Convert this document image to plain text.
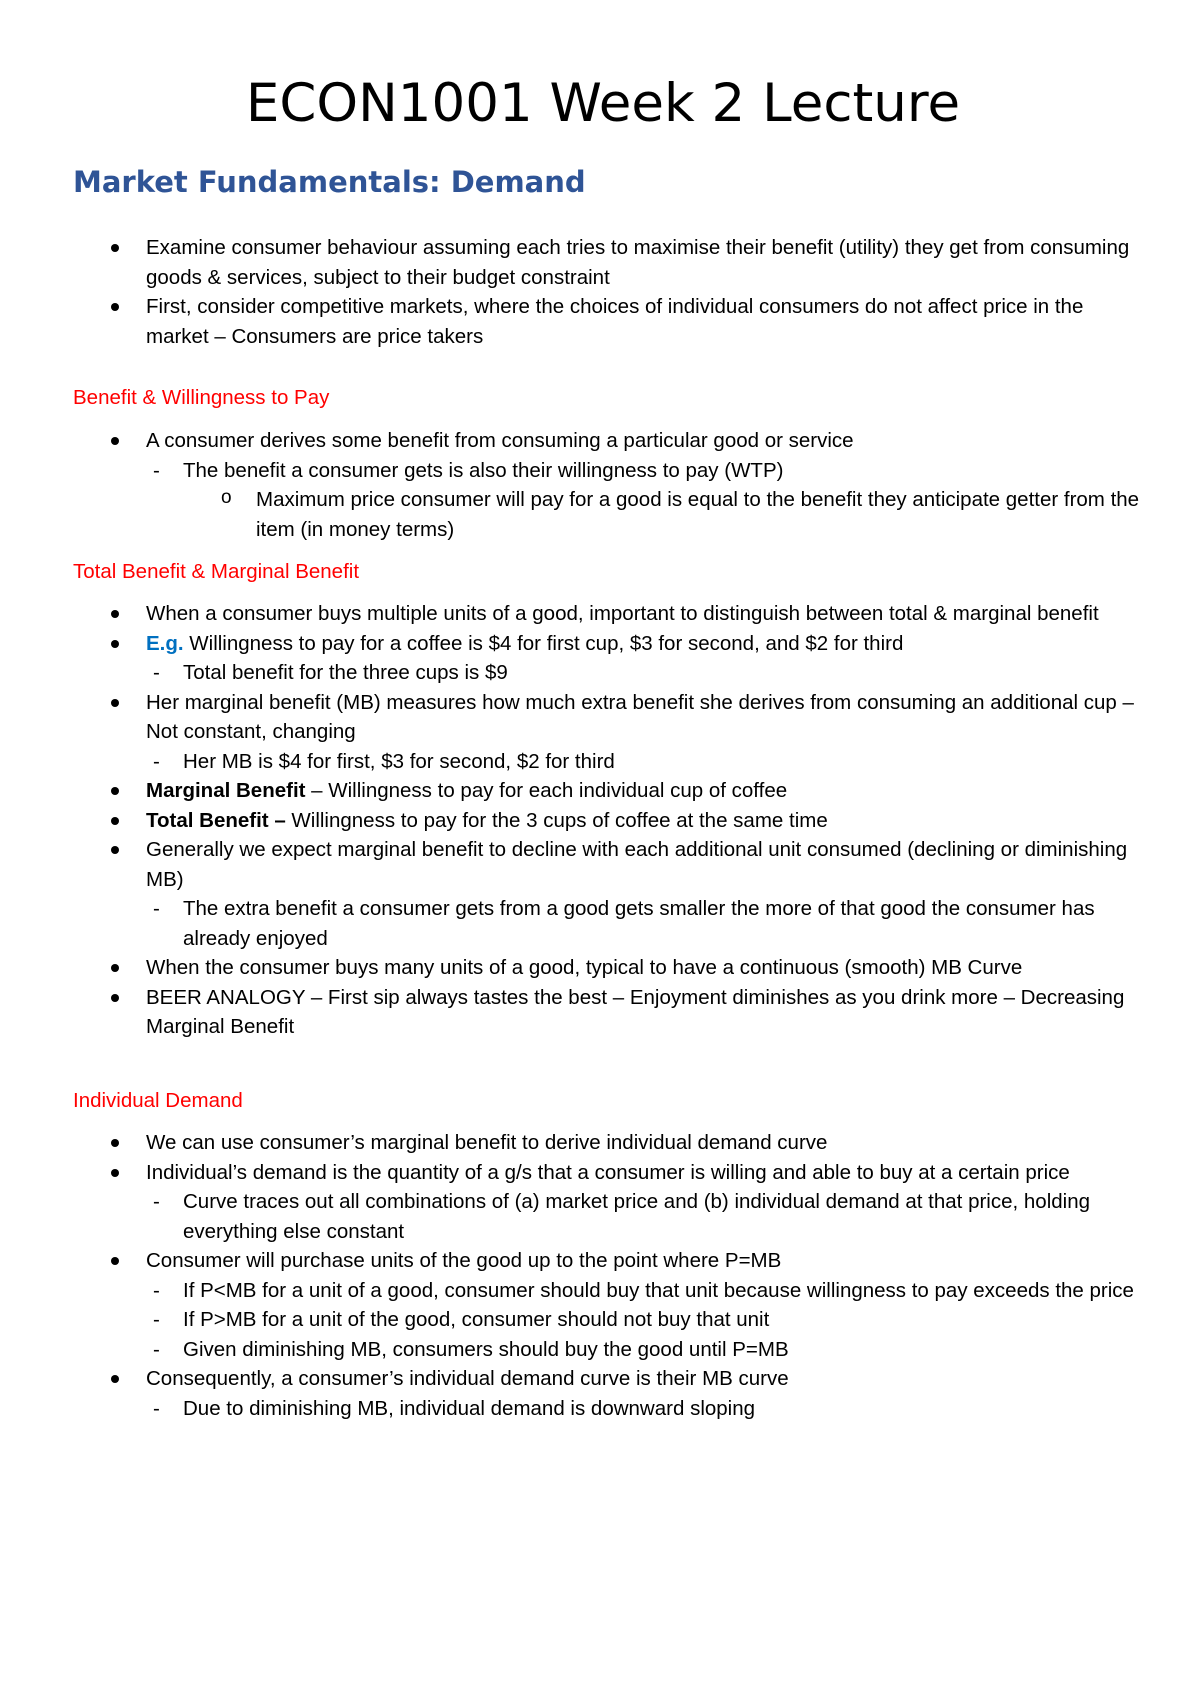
ECON1001 Week 2 Lecture
Market Fundamentals: Demand
Examine consumer behaviour assuming each tries to maximise their benefit (utility) they get from consuming goods & services, subject to their budget constraint
First, consider competitive markets, where the choices of individual consumers do not affect price in the market – Consumers are price takers
Benefit & Willingness to Pay
A consumer derives some benefit from consuming a particular good or service
- The benefit a consumer gets is also their willingness to pay (WTP)
o Maximum price consumer will pay for a good is equal to the benefit they anticipate getter from the item (in money terms)
Total Benefit & Marginal Benefit
When a consumer buys multiple units of a good, important to distinguish between total & marginal benefit
E.g. Willingness to pay for a coffee is $4 for first cup, $3 for second, and $2 for third
- Total benefit for the three cups is $9
Her marginal benefit (MB) measures how much extra benefit she derives from consuming an additional cup – Not constant, changing
- Her MB is $4 for first, $3 for second, $2 for third
Marginal Benefit – Willingness to pay for each individual cup of coffee
Total Benefit – Willingness to pay for the 3 cups of coffee at the same time
Generally we expect marginal benefit to decline with each additional unit consumed (declining or diminishing MB)
- The extra benefit a consumer gets from a good gets smaller the more of that good the consumer has already enjoyed
When the consumer buys many units of a good, typical to have a continuous (smooth) MB Curve
BEER ANALOGY – First sip always tastes the best – Enjoyment diminishes as you drink more – Decreasing Marginal Benefit
Individual Demand
We can use consumer’s marginal benefit to derive individual demand curve
Individual’s demand is the quantity of a g/s that a consumer is willing and able to buy at a certain price
- Curve traces out all combinations of (a) market price and (b) individual demand at that price, holding everything else constant
Consumer will purchase units of the good up to the point where P=MB
- If P<MB for a unit of a good, consumer should buy that unit because willingness to pay exceeds the price
- If P>MB for a unit of the good, consumer should not buy that unit
- Given diminishing MB, consumers should buy the good until P=MB
Consequently, a consumer’s individual demand curve is their MB curve
- Due to diminishing MB, individual demand is downward sloping
